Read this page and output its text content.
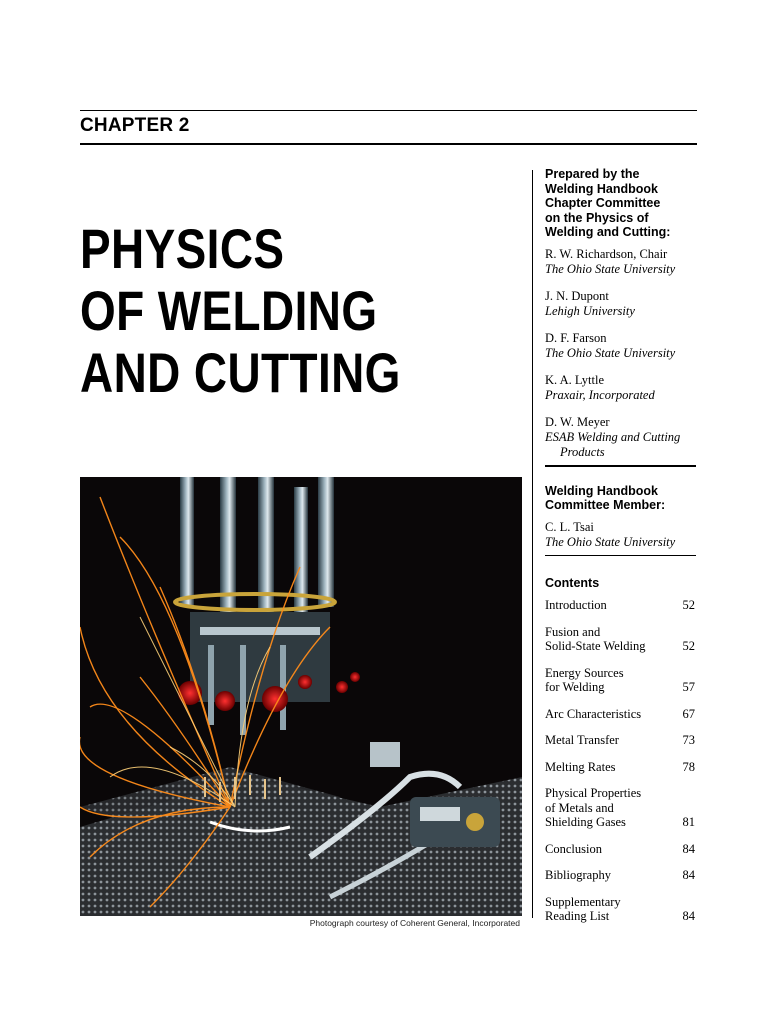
CHAPTER 2
PHYSICS
OF WELDING
AND CUTTING
Photograph courtesy of Coherent General, Incorporated
Prepared by the
Welding Handbook
Chapter Committee
on the Physics of
Welding and Cutting:
R. W. Richardson, Chair
The Ohio State University
J. N. Dupont
Lehigh University
D. F. Farson
The Ohio State University
K. A. Lyttle
Praxair, Incorporated
D. W. Meyer
ESAB Welding and Cutting
Products
Welding Handbook
Committee Member:
C. L. Tsai
The Ohio State University
Contents
Introduction	52
Fusion and
Solid-State Welding	52
Energy Sources
for Welding	57
Arc Characteristics	67
Metal Transfer	73
Melting Rates	78
Physical Properties
of Metals and
Shielding Gases	81
Conclusion	84
Bibliography	84
Supplementary
Reading List	84
